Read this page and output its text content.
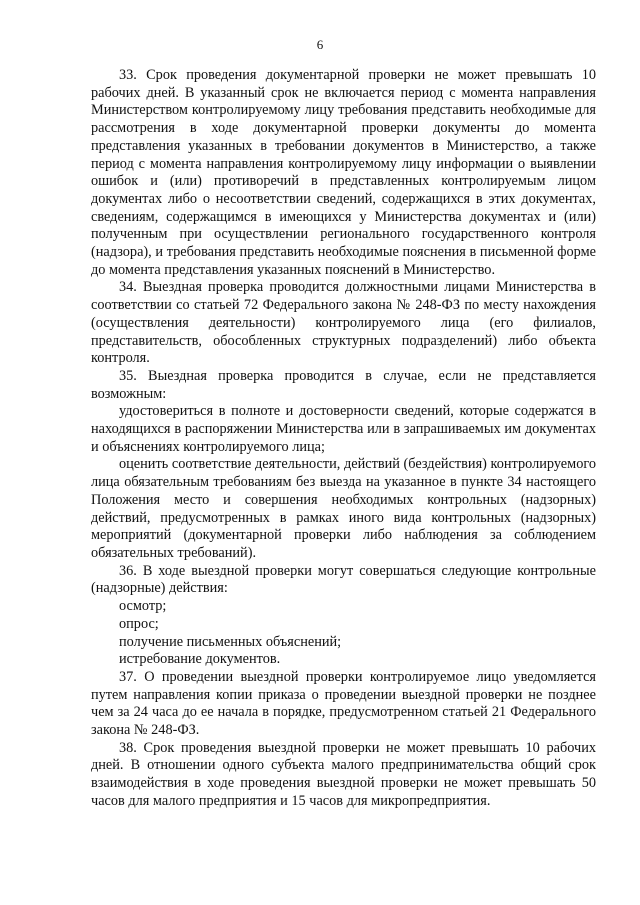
6

33. Срок проведения документарной проверки не может превышать 10 рабочих дней. В указанный срок не включается период с момента направления Министерством контролируемому лицу требования представить необходимые для рассмотрения в ходе документарной проверки документы до момента представления указанных в требовании документов в Министерство, а также период с момента направления контролируемому лицу информации о выявлении ошибок и (или) противоречий в представленных контролируемым лицом документах либо о несоответствии сведений, содержащихся в этих документах, сведениям, содержащимся в имеющихся у Министерства документах и (или) полученным при осуществлении регионального государственного контроля (надзора), и требования представить необходимые пояснения в письменной форме до момента представления указанных пояснений в Министерство.

34. Выездная проверка проводится должностными лицами Министерства в соответствии со статьей 72 Федерального закона № 248-ФЗ по месту нахождения (осуществления деятельности) контролируемого лица (его филиалов, представительств, обособленных структурных подразделений) либо объекта контроля.

35. Выездная проверка проводится в случае, если не представляется возможным:

удостовериться в полноте и достоверности сведений, которые содержатся в находящихся в распоряжении Министерства или в запрашиваемых им документах и объяснениях контролируемого лица;

оценить соответствие деятельности, действий (бездействия) контролируемого лица обязательным требованиям без выезда на указанное в пункте 34 настоящего Положения место и совершения необходимых контрольных (надзорных) действий, предусмотренных в рамках иного вида контрольных (надзорных) мероприятий (документарной проверки либо наблюдения за соблюдением обязательных требований).

36. В ходе выездной проверки могут совершаться следующие контрольные (надзорные) действия:

осмотр;

опрос;

получение письменных объяснений;

истребование документов.

37. О проведении выездной проверки контролируемое лицо уведомляется путем направления копии приказа о проведении выездной проверки не позднее чем за 24 часа до ее начала в порядке, предусмотренном статьей 21 Федерального закона № 248-ФЗ.

38. Срок проведения выездной проверки не может превышать 10 рабочих дней. В отношении одного субъекта малого предпринимательства общий срок взаимодействия в ходе проведения выездной проверки не может превышать 50 часов для малого предприятия и 15 часов для микропредприятия.
